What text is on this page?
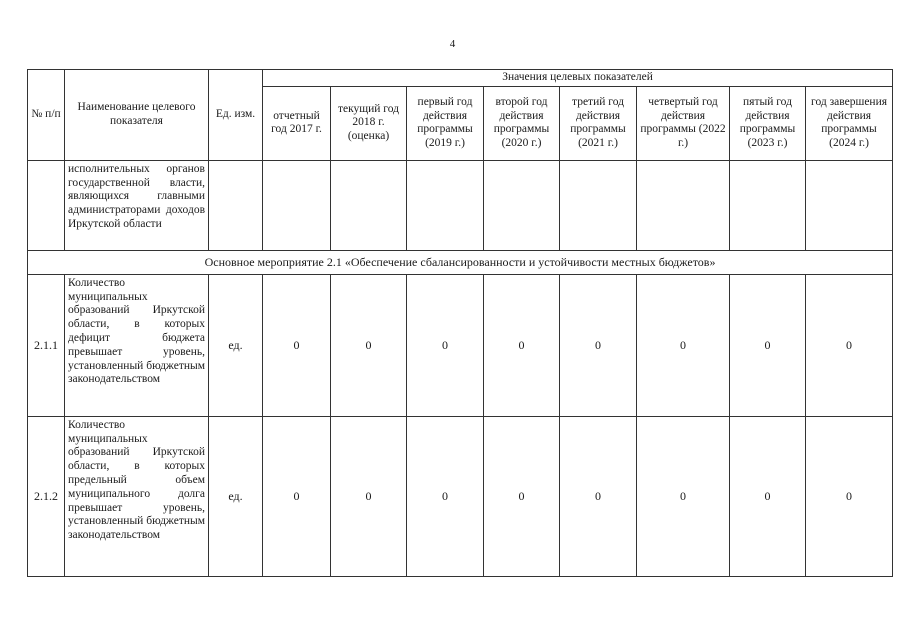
4
№ п/п	Наименование целевого показателя	Ед. изм.	Значения целевых показателей							
			отчетный год 2017 г.	текущий год 2018 г. (оценка)	первый год действия программы (2019 г.)	второй год действия программы (2020 г.)	третий год действия программы (2021 г.)	четвертый год действия программы (2022 г.)	пятый год действия программы (2023 г.)	год завершения действия программы (2024 г.)
	исполнительных органов государственной власти, являющихся главными администраторами доходов Иркутской области									
Основное мероприятие 2.1 «Обеспечение сбалансированности и устойчивости местных бюджетов»										
2.1.1	Количество муниципальных образований Иркутской области, в которых дефицит бюджета превышает уровень, установленный бюджетным законодательством	ед.	0	0	0	0	0	0	0	0
2.1.2	Количество муниципальных образований Иркутской области, в которых предельный объем муниципального долга превышает уровень, установленный бюджетным законодательством	ед.	0	0	0	0	0	0	0	0
